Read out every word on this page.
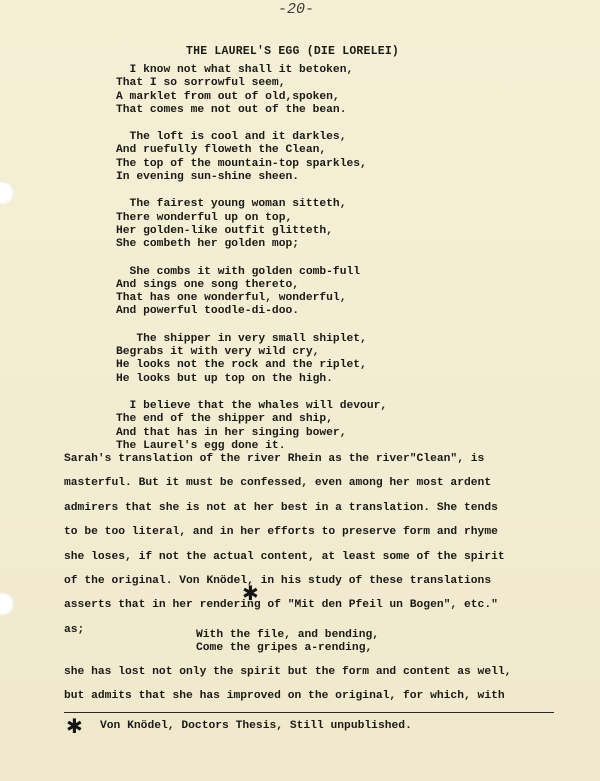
-20-
THE LAUREL'S EGG (DIE LORELEI)
I know not what shall it betoken,
That I so sorrowful seem,
A marklet from out of old,spoken,
That comes me not out of the bean.
The loft is cool and it darkles,
And ruefully floweth the Clean,
The top of the mountain-top sparkles,
In evening sun-shine sheen.
The fairest young woman sitteth,
There wonderful up on top,
Her golden-like outfit glitteth,
She combeth her golden mop;
She combs it with golden comb-full
And sings one song thereto,
That has one wonderful, wonderful,
And powerful toodle-di-doo.
The shipper in very small shiplet,
Begrabs it with very wild cry,
He looks not the rock and the riplet,
He looks but up top on the high.
I believe that the whales will devour,
The end of the shipper and ship,
And that has in her singing bower,
The Laurel's egg done it.
Sarah's translation of the river Rhein as the river"Clean", is
masterful. But it must be confessed, even among her most ardent
admirers that she is not at her best in a translation. She tends
to be too literal, and in her efforts to preserve form and rhyme
she loses, if not the actual content, at least some of the spirit
of the original. Von Knödel, in his study of these translations
asserts that in her rendering of "Mit den Pfeil un Bogen", etc."
as;
✱
With the file, and bending,
Come the gripes a-rending,
she has lost not only the spirit but the form and content as well,
but admits that she has improved on the original, for which, with
✱ Von Knödel, Doctors Thesis, Still unpublished.
